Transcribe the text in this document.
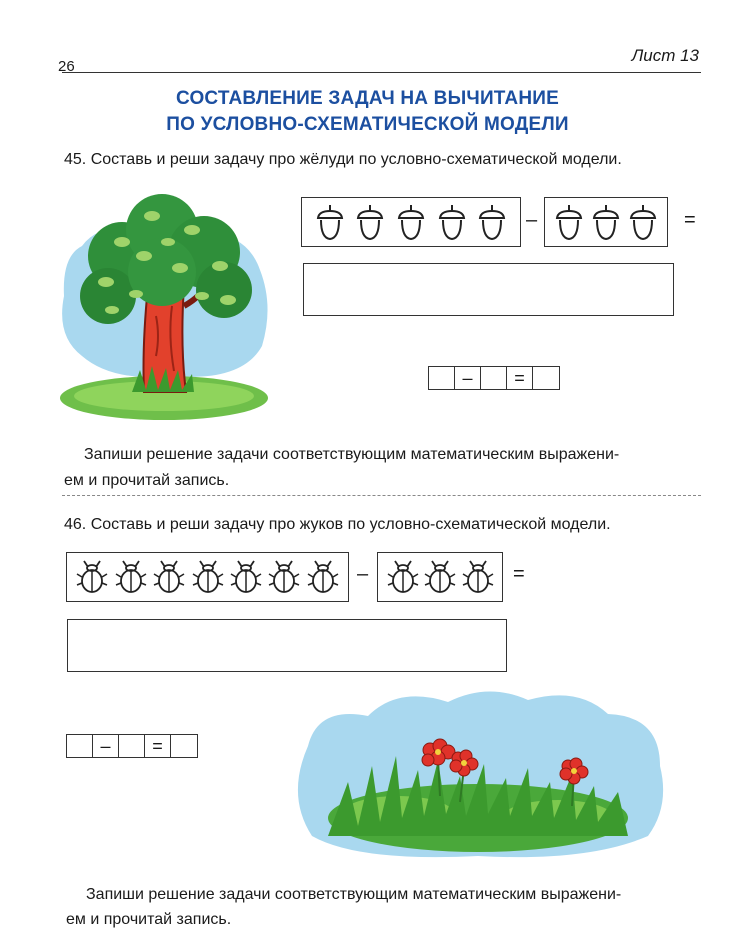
26
Лист 13
СОСТАВЛЕНИЕ ЗАДАЧ НА ВЫЧИТАНИЕ
ПО УСЛОВНО-СХЕМАТИЧЕСКОЙ МОДЕЛИ
45. Составь и реши задачу про жёлуди по условно-схематической модели.
–	=
–	=
Запиши решение задачи соответствующим математическим выражени-
ем и прочитай запись.
46. Составь и реши задачу про жуков по условно-схематической модели.
–	=
–	=
Запиши решение задачи соответствующим математическим выражени-
ем и прочитай запись.
